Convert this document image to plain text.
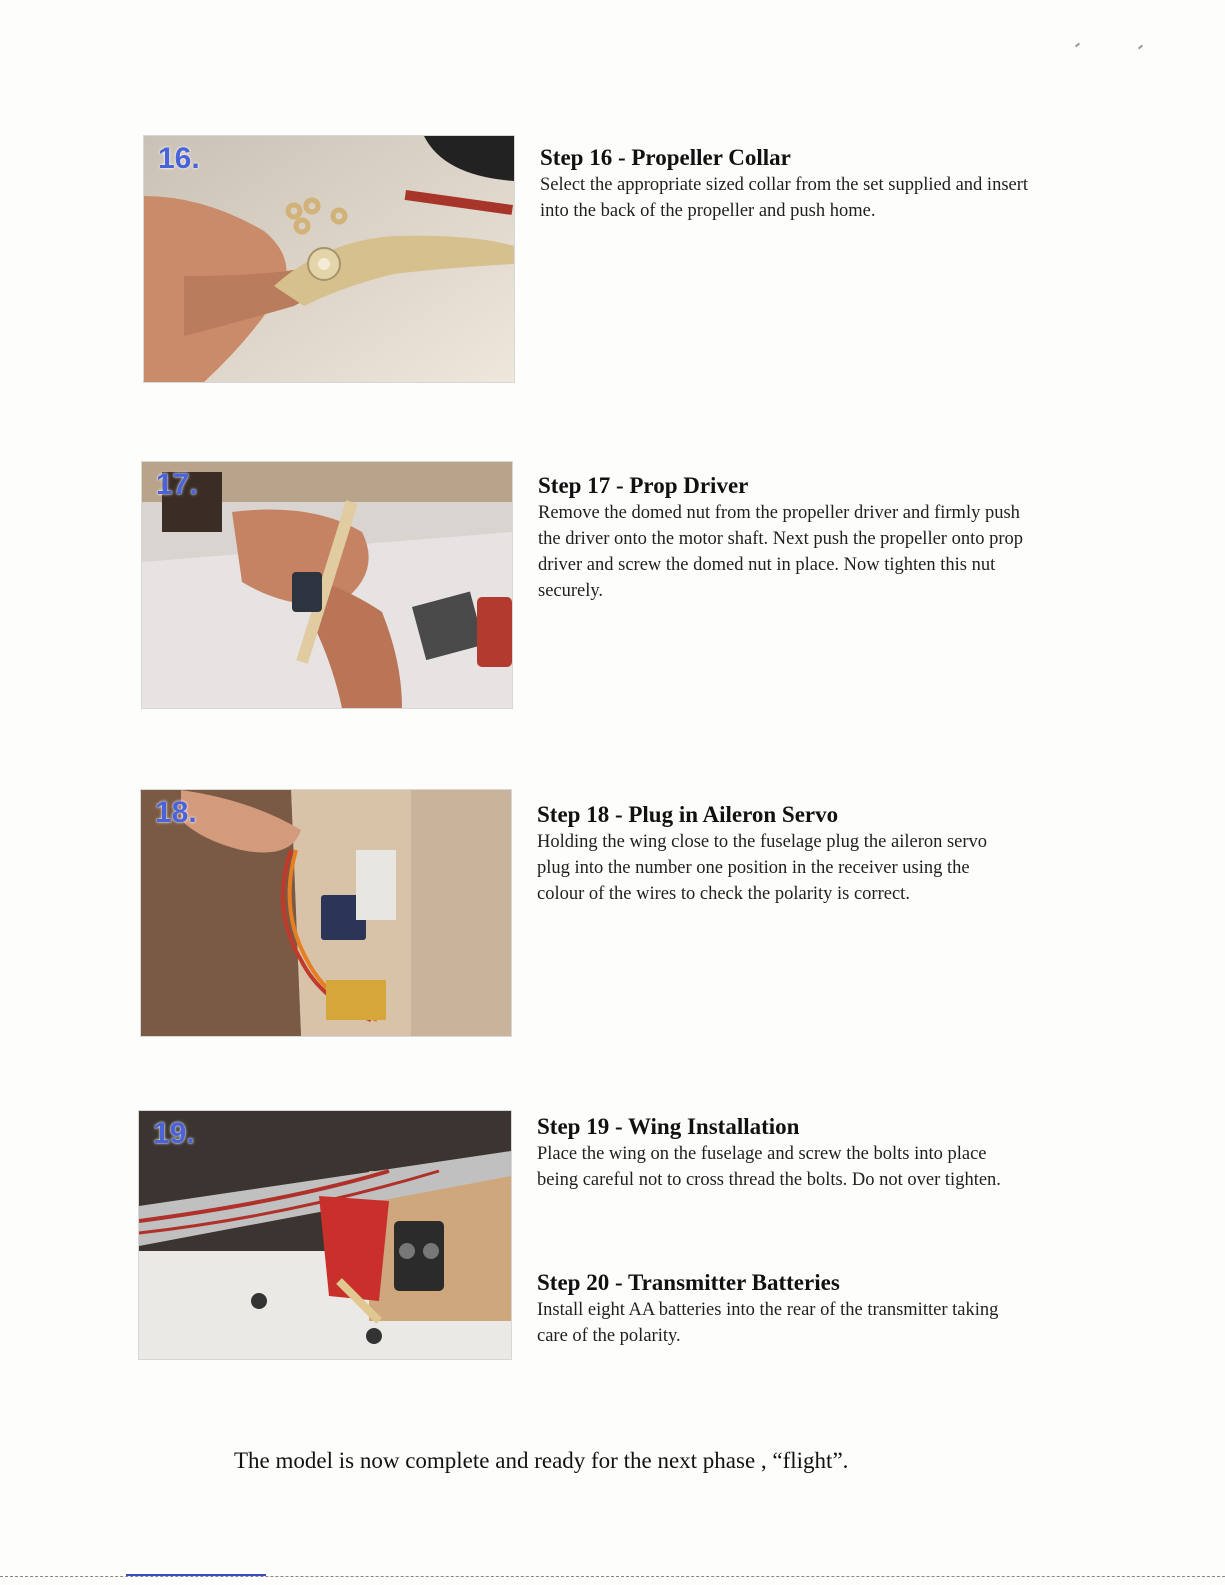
16.	Step 16 - Propeller Collar

Select the appropriate sized collar from the set supplied and insert into the back of the propeller and push home.

17.	Step 17 - Prop Driver

Remove the domed nut from the propeller driver and firmly push the driver onto the motor shaft. Next push the propeller onto prop driver and screw the domed nut in place. Now tighten this nut securely.

18.	Step 18 - Plug in Aileron Servo

Holding the wing close to the fuselage plug the aileron servo plug into the number one position in the receiver using the colour of the wires to check the polarity is correct.

19.	Step 19 - Wing Installation

Place the wing on the fuselage and screw the bolts into place being careful not to cross thread the bolts. Do not over tighten.

Step 20 - Transmitter Batteries

Install eight AA batteries into the rear of the transmitter taking care of the polarity.

The model is now complete and ready for the next phase , “flight”.
